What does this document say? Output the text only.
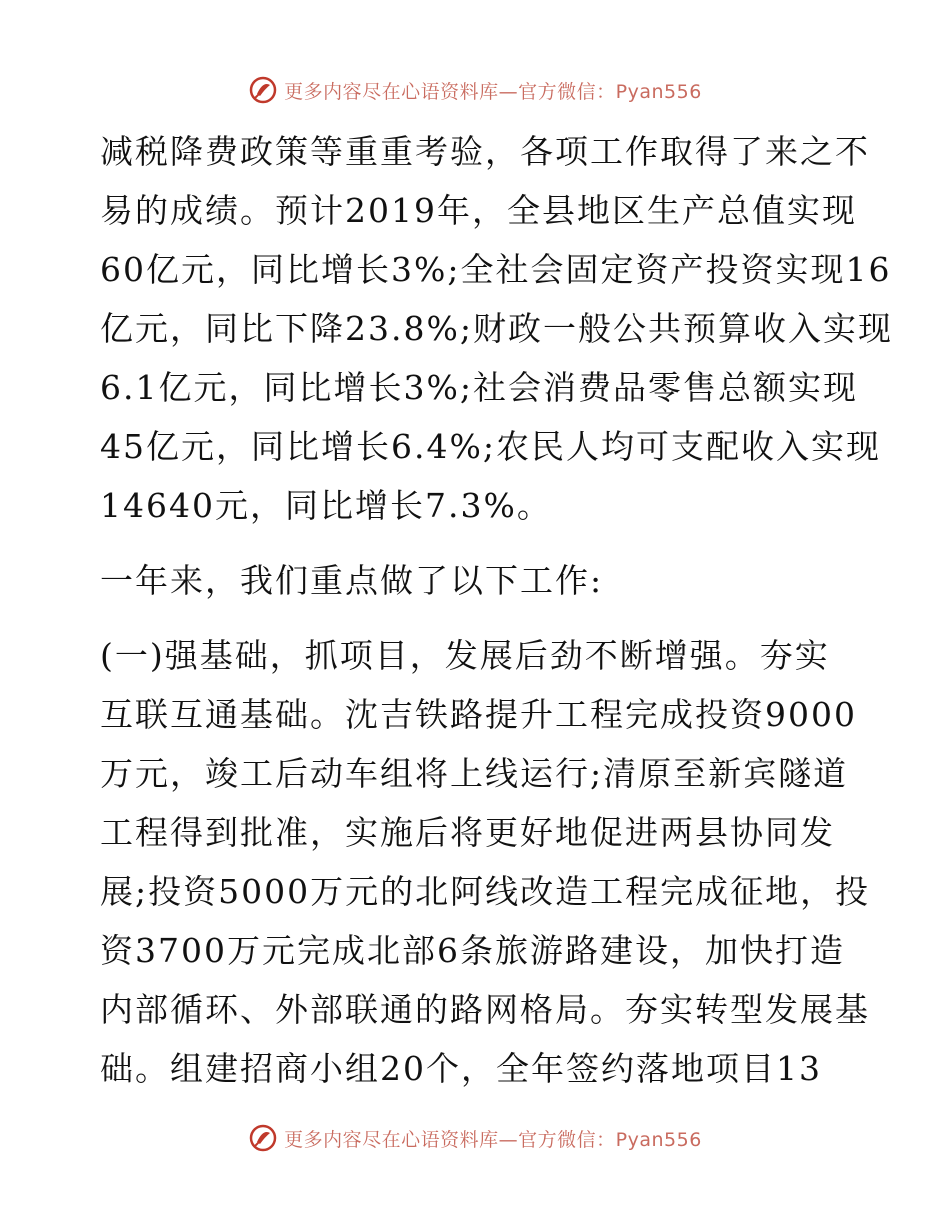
更多内容尽在心语资料库—官方微信：Pyan556
减税降费政策等重重考验，各项工作取得了来之不
易的成绩。预计2019年，全县地区生产总值实现
60亿元，同比增长3%;全社会固定资产投资实现16
亿元，同比下降23.8%;财政一般公共预算收入实现
6.1亿元，同比增长3%;社会消费品零售总额实现
45亿元，同比增长6.4%;农民人均可支配收入实现
14640元，同比增长7.3%。
一年来，我们重点做了以下工作:
(一)强基础，抓项目，发展后劲不断增强。夯实
互联互通基础。沈吉铁路提升工程完成投资9000
万元，竣工后动车组将上线运行;清原至新宾隧道
工程得到批准，实施后将更好地促进两县协同发
展;投资5000万元的北阿线改造工程完成征地，投
资3700万元完成北部6条旅游路建设，加快打造
内部循环、外部联通的路网格局。夯实转型发展基
础。组建招商小组20个，全年签约落地项目13
更多内容尽在心语资料库—官方微信：Pyan556
